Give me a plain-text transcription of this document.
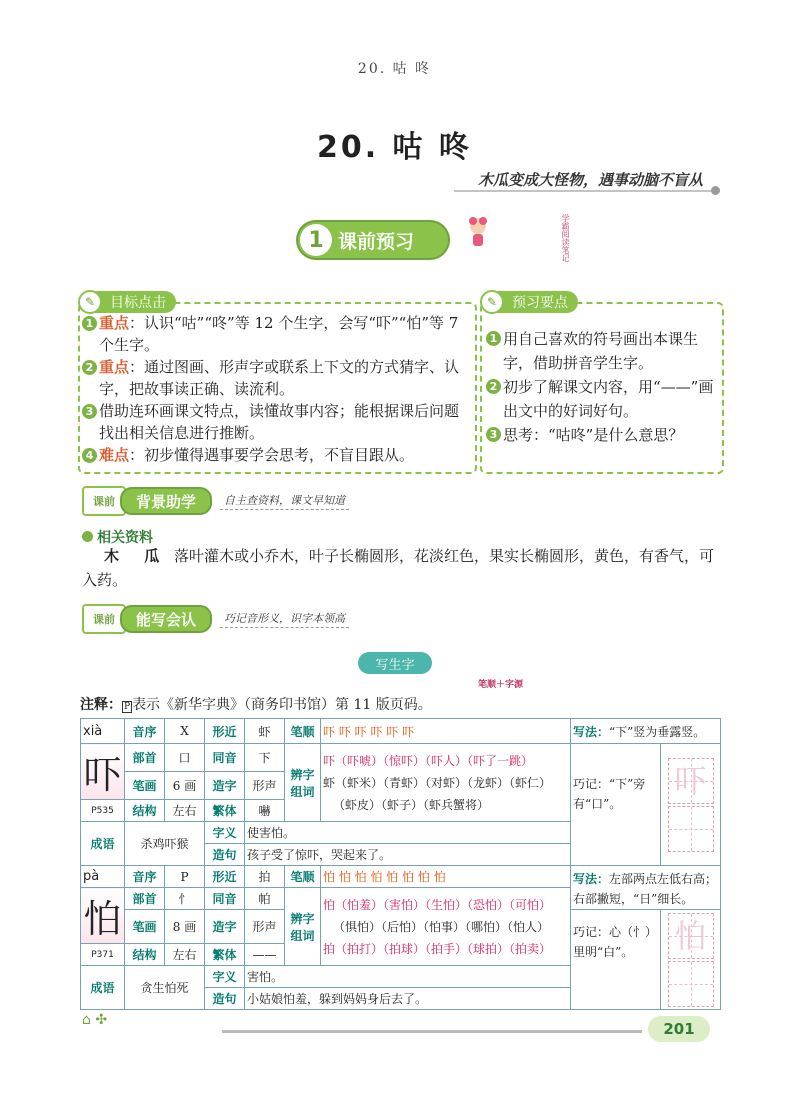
20. 咕 咚
20. 咕 咚
木瓜变成大怪物，遇事动脑不盲从
1 课前预习	学霸阅读笔记
✎	目标点击
1 重点：认识“咕”“咚”等 12 个生字，会写“吓”“怕”等 7 个生字。
2 重点：通过图画、形声字或联系上下文的方式猜字、认字，把故事读正确、读流利。
3 借助连环画课文特点，读懂故事内容；能根据课后问题找出相关信息进行推断。
4 难点：初步懂得遇事要学会思考，不盲目跟从。
✎	预习要点
1 用自己喜欢的符号画出本课生字，借助拼音学生字。
2 初步了解课文内容，用“——”画出文中的好词好句。
3 思考：“咕咚”是什么意思？
课前	背景助学	自主查资料，课文早知道
相关资料
木 瓜 落叶灌木或小乔木，叶子长椭圆形，花淡红色，果实长椭圆形，黄色，有香气，可入药。
课前	能写会认	巧记音形义，识字本领高
写生字
笔顺＋字源
注释： P 表示《新华字典》（商务印书馆）第 11 版页码。
xià	音序	X	形近	虾	笔顺	吓 吓 吓 吓 吓 吓	写法：“下”竖为垂露竖。		
吓	部首	口	同音	下	辨字组词	吓（吓唬）（惊吓）（吓人）（吓了一跳）
虾（虾米）（青虾）（对虾）（龙虾）（虾仁）
（虾皮）（虾子）（虾兵蟹将）	巧记：“下”旁有“口”。	吓	

	笔画	6 画	造字	形声					
P535	结构	左右	繁体	嚇					
成语	杀鸡吓猴		字义	使害怕。					
			造句	孩子受了惊吓，哭起来了。					
pà	音序	P	形近	拍	笔顺	怕 怕 怕 怕 怕 怕 怕 怕	写法：左部两点左低右高；右部撇短，“日”细长。		
怕	部首	忄	同音	帕	辨字组词	怕（怕羞）（害怕）（生怕）（恐怕）（可怕）
（惧怕）（后怕）（怕事）（哪怕）（怕人）
拍（拍打）（拍球）（拍手）（球拍）（拍卖）			

	笔画	8 画	造字	形声			巧记：心（忄）里明“白”。	怕	

P371	结构	左右	繁体	——					
成语	贪生怕死		字义	害怕。					
			造句	小姑娘怕羞，躲到妈妈身后去了。					
⌂ ✣	201
